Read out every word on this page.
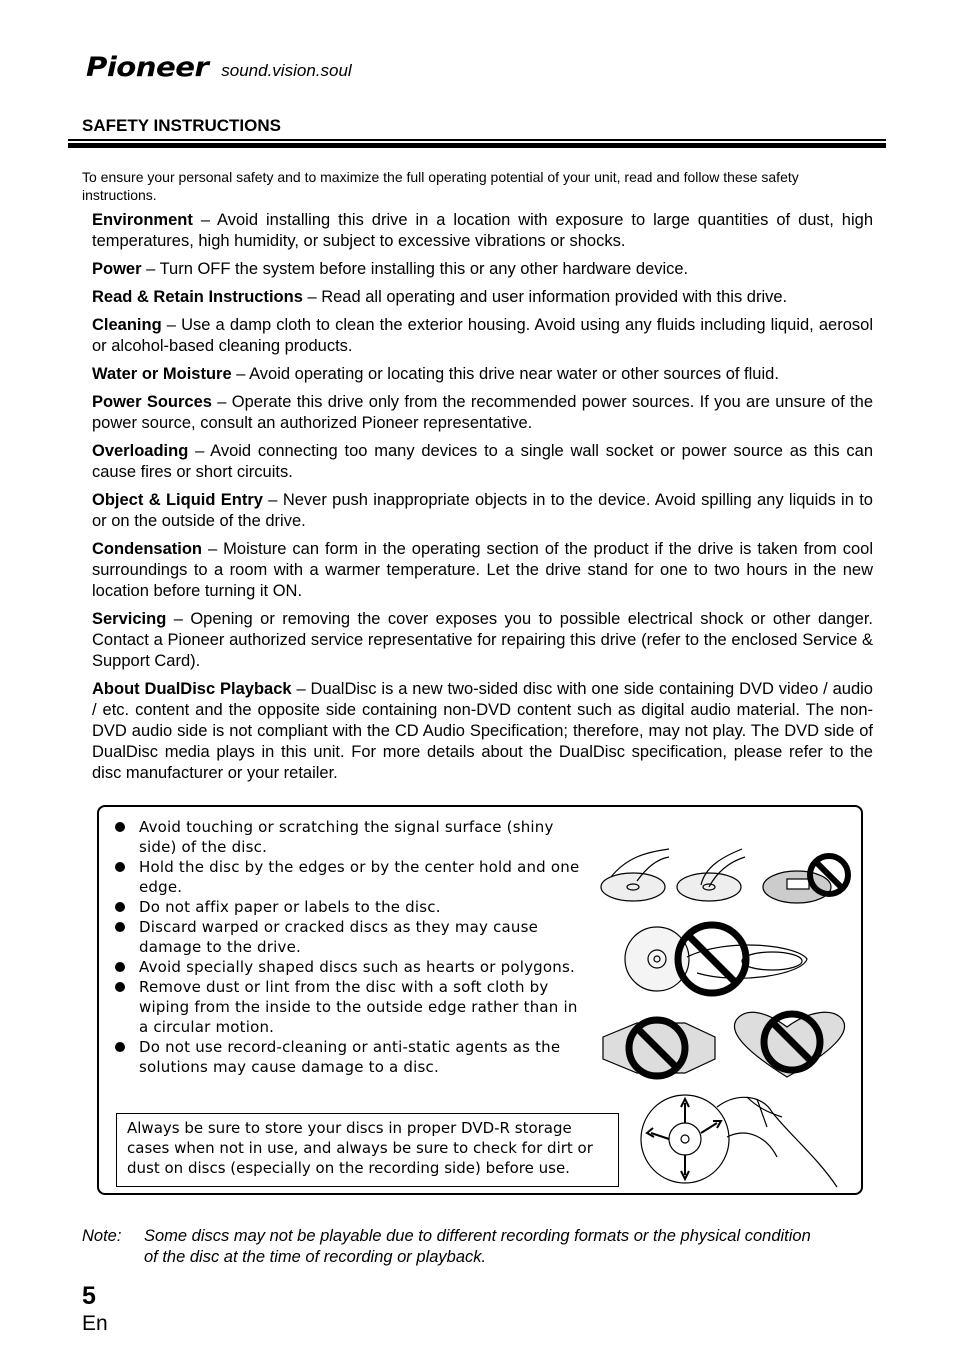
Pioneer sound.vision.soul
SAFETY INSTRUCTIONS
To ensure your personal safety and to maximize the full operating potential of your unit, read and follow these safety instructions.

Environment – Avoid installing this drive in a location with exposure to large quantities of dust, high temperatures, high humidity, or subject to excessive vibrations or shocks.

Power – Turn OFF the system before installing this or any other hardware device.

Read & Retain Instructions – Read all operating and user information provided with this drive.

Cleaning – Use a damp cloth to clean the exterior housing. Avoid using any fluids including liquid, aerosol or alcohol-based cleaning products.

Water or Moisture – Avoid operating or locating this drive near water or other sources of fluid.

Power Sources – Operate this drive only from the recommended power sources. If you are unsure of the power source, consult an authorized Pioneer representative.

Overloading – Avoid connecting too many devices to a single wall socket or power source as this can cause fires or short circuits.

Object & Liquid Entry – Never push inappropriate objects in to the device. Avoid spilling any liquids in to or on the outside of the drive.

Condensation – Moisture can form in the operating section of the product if the drive is taken from cool surroundings to a room with a warmer temperature. Let the drive stand for one to two hours in the new location before turning it ON.

Servicing – Opening or removing the cover exposes you to possible electrical shock or other danger. Contact a Pioneer authorized service representative for repairing this drive (refer to the enclosed Service & Support Card).

About DualDisc Playback – DualDisc is a new two-sided disc with one side containing DVD video / audio / etc. content and the opposite side containing non-DVD content such as digital audio material. The non-DVD audio side is not compliant with the CD Audio Specification; therefore, may not play. The DVD side of DualDisc media plays in this unit. For more details about the DualDisc specification, please refer to the disc manufacturer or your retailer.

Avoid touching or scratching the signal surface (shiny side) of the disc.
Hold the disc by the edges or by the center hold and one edge.
Do not affix paper or labels to the disc.
Discard warped or cracked discs as they may cause damage to the drive.
Avoid specially shaped discs such as hearts or polygons.
Remove dust or lint from the disc with a soft cloth by wiping from the inside to the outside edge rather than in a circular motion.
Do not use record-cleaning or anti-static agents as the solutions may cause damage to a disc.
Always be sure to store your discs in proper DVD-R storage cases when not in use, and always be sure to check for dirt or dust on discs (especially on the recording side) before use.
Note:	Some discs may not be playable due to different recording formats or the physical condition of the disc at the time of recording or playback.
5
En
